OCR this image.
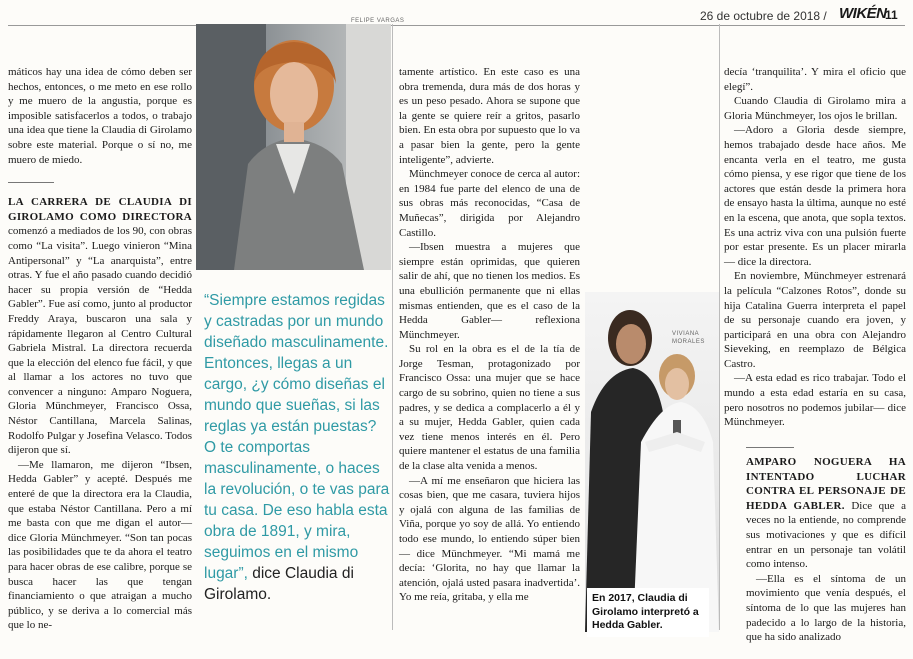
26 de octubre de 2018 / WIKÉN
11

máticos hay una idea de cómo deben ser hechos, entonces, o me meto en ese rollo y me muero de la angustia, porque es imposible satisfacerlos a todos, o trabajo una idea que tiene la Claudia di Girolamo sobre este material. Porque o sí no, me muero de miedo.

LA CARRERA DE CLAUDIA DI GIROLAMO COMO DIRECTORA comenzó a mediados de los 90, con obras como “La visita”. Luego vinieron “Mina Antipersonal” y “La anarquista”, entre otras. Y fue el año pasado cuando decidió hacer su propia versión de “Hedda Gabler”. Fue así como, junto al productor Freddy Araya, buscaron una sala y rápidamente llegaron al Centro Cultural Gabriela Mistral. La directora recuerda que la elección del elenco fue fácil, y que al llamar a los actores no tuvo que convencer a ninguno: Amparo Noguera, Gloria Münchmeyer, Francisco Ossa, Néstor Cantillana, Marcela Salinas, Rodolfo Pulgar y Josefina Velasco. Todos dijeron que sí.

—Me llamaron, me dijeron “Ibsen, Hedda Gabler” y acepté. Después me enteré de que la directora era la Claudia, que estaba Néstor Cantillana. Pero a mí me basta con que me digan el autor— dice Gloria Münchmeyer. “Son tan pocas las posibilidades que te da ahora el teatro para hacer obras de ese calibre, porque se busca hacer las que tengan financiamiento o que atraigan a mucho público, y se deriva a lo comercial más que lo ne-

FELIPE VARGAS
“Siempre estamos regidas y castradas por un mundo diseñado masculinamente. Entonces, llegas a un cargo, ¿y cómo diseñas el mundo que sueñas, si las reglas ya están puestas? O te comportas masculinamente, o haces la revolución, o te vas para tu casa. De eso habla esta obra de 1891, y mira, seguimos en el mismo lugar”, dice Claudia di Girolamo.

tamente artístico. En este caso es una obra tremenda, dura más de dos horas y es un peso pesado. Ahora se supone que la gente se quiere reír a gritos, pasarlo bien. En esta obra por supuesto que lo va a pasar bien la gente, pero la gente inteligente”, advierte.

Münchmeyer conoce de cerca al autor: en 1984 fue parte del elenco de una de sus obras más reconocidas, “Casa de Muñecas”, dirigida por Alejandro Castillo.

—Ibsen muestra a mujeres que siempre están oprimidas, que quieren salir de ahí, que no tienen los medios. Es una ebullición permanente que ni ellas mismas entienden, que es el caso de la Hedda Gabler— reflexiona Münchmeyer.

Su rol en la obra es el de la tía de Jorge Tesman, protagonizado por Francisco Ossa: una mujer que se hace cargo de su sobrino, quien no tiene a sus padres, y se dedica a complacerlo a él y a su mujer, Hedda Gabler, quien cada vez tiene menos interés en él. Pero quiere mantener el estatus de una familia de la clase alta venida a menos.

—A mí me enseñaron que hiciera las cosas bien, que me casara, tuviera hijos y ojalá con alguna de las familias de Viña, porque yo soy de allá. Yo entiendo todo ese mundo, lo entiendo súper bien— dice Münchmeyer. “Mi mamá me decía: ‘Glorita, no hay que llamar la atención, ojalá usted pasara inadvertida’. Yo me reía, gritaba, y ella me

VIVIANA
MORALES
En 2017, Claudia di Girolamo interpretó a Hedda Gabler.

decía ‘tranquilita’. Y mira el oficio que elegí”.

Cuando Claudia di Girolamo mira a Gloria Münchmeyer, los ojos le brillan.

—Adoro a Gloria desde siempre, hemos trabajado desde hace años. Me encanta verla en el teatro, me gusta cómo piensa, y ese rigor que tiene de los actores que están desde la primera hora de ensayo hasta la última, aunque no esté en la escena, que anota, que sopla textos. Es una actriz viva con una pulsión fuerte por estar presente. Es un placer mirarla— dice la directora.

En noviembre, Münchmeyer estrenará la película “Calzones Rotos”, donde su hija Catalina Guerra interpreta el papel de su personaje cuando era joven, y participará en una obra con Alejandro Sieveking, en reemplazo de Bélgica Castro.

—A esta edad es rico trabajar. Todo el mundo a esta edad estaría en su casa, pero nosotros no podemos jubilar— dice Münchmeyer.

AMPARO NOGUERA HA INTENTADO LUCHAR CONTRA EL PERSONAJE DE HEDDA GABLER. Dice que a veces no la entiende, no comprende sus motivaciones y que es difícil entrar en un personaje tan volátil como intenso.

—Ella es el síntoma de un movimiento que venía después, el síntoma de lo que las mujeres han padecido a lo largo de la historia, que ha sido analizado
